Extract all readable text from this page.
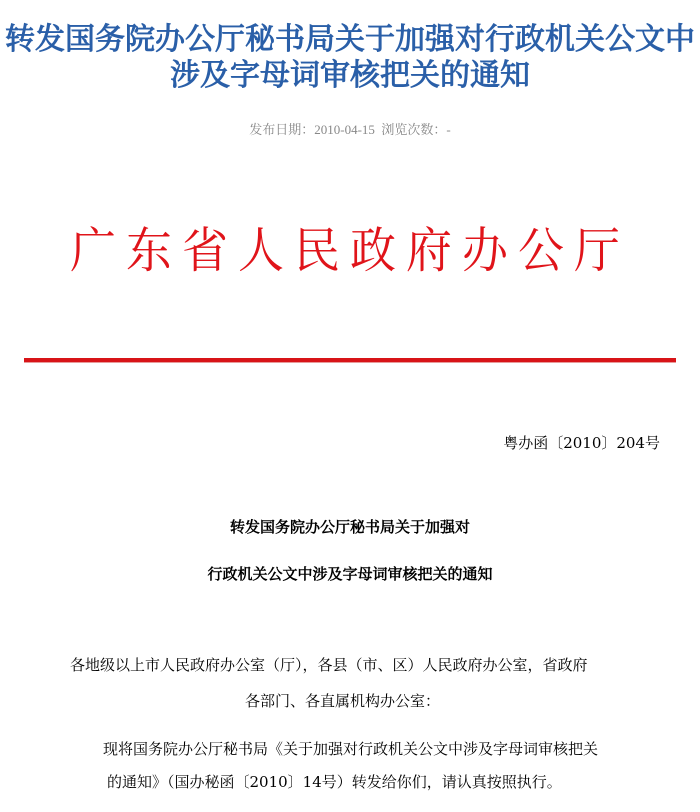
转发国务院办公厅秘书局关于加强对行政机关公文中涉及字母词审核把关的通知
发布日期：2010-04-15 浏览次数：-
广东省人民政府办公厅
粤办函〔2010〕204号
转发国务院办公厅秘书局关于加强对
行政机关公文中涉及字母词审核把关的通知
各地级以上市人民政府办公室（厅），各县（市、区）人民政府办公室，省政府
各部门、各直属机构办公室：
现将国务院办公厅秘书局《关于加强对行政机关公文中涉及字母词审核把关
的通知》（国办秘函〔2010〕14号）转发给你们，请认真按照执行。
